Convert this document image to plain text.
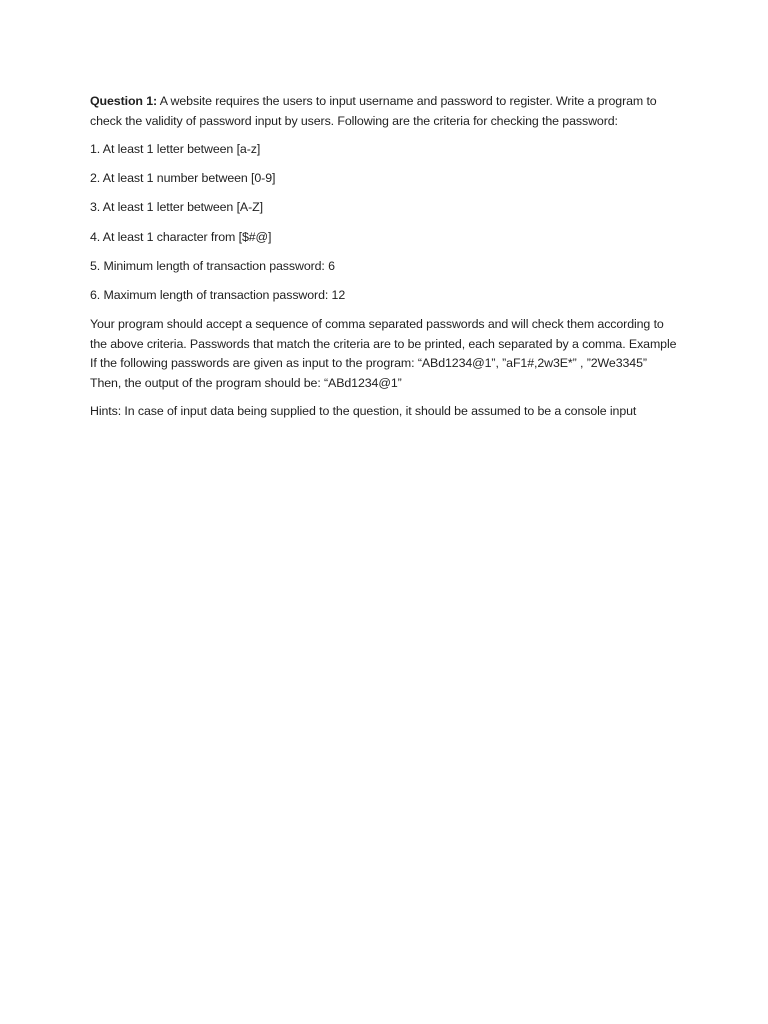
Question 1: A website requires the users to input username and password to register. Write a program to check the validity of password input by users. Following are the criteria for checking the password:

1. At least 1 letter between [a-z]

2. At least 1 number between [0-9]

3. At least 1 letter between [A-Z]

4. At least 1 character from [$#@]

5. Minimum length of transaction password: 6

6. Maximum length of transaction password: 12

Your program should accept a sequence of comma separated passwords and will check them according to the above criteria. Passwords that match the criteria are to be printed, each separated by a comma. Example If the following passwords are given as input to the program: “ABd1234@1”, ”aF1#,2w3E*” , ”2We3345” Then, the output of the program should be: “ABd1234@1”

Hints: In case of input data being supplied to the question, it should be assumed to be a console input
